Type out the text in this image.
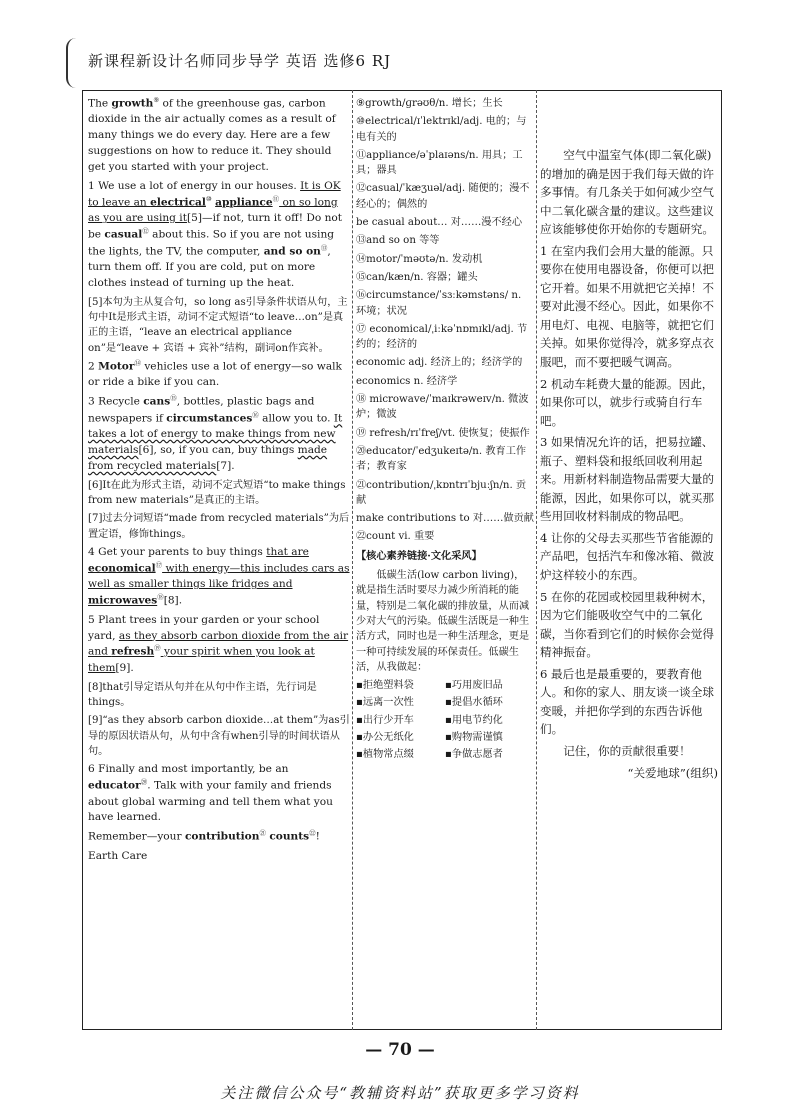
新课程新设计名师同步导学 英语 选修6 RJ

The growth⑨ of the greenhouse gas, carbon dioxide in the air actually comes as a result of many things we do every day. Here are a few suggestions on how to reduce it. They should get you started with your project.

1 We use a lot of energy in our houses. It is OK to leave an electrical⑩ appliance⑪ on so long as you are using it[5]—if not, turn it off! Do not be casual⑫ about this. So if you are not using the lights, the TV, the computer, and so on⑬, turn them off. If you are cold, put on more clothes instead of turning up the heat.

[5]本句为主从复合句，so long as引导条件状语从句，主句中It是形式主语，动词不定式短语“to leave…on”是真正的主语，“leave an electrical appliance on”是“leave + 宾语 + 宾补”结构，副词on作宾补。

2 Motor⑭ vehicles use a lot of energy—so walk or ride a bike if you can.

3 Recycle cans⑮, bottles, plastic bags and newspapers if circumstances⑯ allow you to. It takes a lot of energy to make things from new materials[6], so, if you can, buy things made from recycled materials[7].

[6]It在此为形式主语，动词不定式短语“to make things from new materials”是真正的主语。

[7]过去分词短语“made from recycled materials”为后置定语，修饰things。

4 Get your parents to buy things that are economical⑰ with energy—this includes cars as well as smaller things like fridges and microwaves⑱[8].

5 Plant trees in your garden or your school yard, as they absorb carbon dioxide from the air and refresh⑲ your spirit when you look at them[9].

[8]that引导定语从句并在从句中作主语，先行词是things。

[9]“as they absorb carbon dioxide…at them”为as引导的原因状语从句，从句中含有when引导的时间状语从句。

6 Finally and most importantly, be an educator⑳. Talk with your family and friends about global warming and tell them what you have learned.

Remember—your contribution$^㉑$ counts$^㉒$!

Earth Care

⑨growth/ɡrəʊθ/n. 增长；生长

⑩electrical/ɪˈlektrɪkl/adj. 电的；与电有关的

⑪appliance/əˈplaɪəns/n. 用具；工具；器具

⑫casual/ˈkæʒuəl/adj. 随便的；漫不经心的；偶然的

be casual about… 对……漫不经心

⑬and so on 等等

⑭motor/ˈməʊtə/n. 发动机

⑮can/kæn/n. 容器；罐头

⑯circumstance/ˈsɜːkəmstəns/ n. 环境；状况

⑰ economical/ˌiːkəˈnɒmɪkl/adj. 节约的；经济的

economic adj. 经济上的；经济学的

economics n. 经济学

⑱ microwave/ˈmaɪkrəweɪv/n. 微波炉；微波

⑲ refresh/rɪˈfreʃ/vt. 使恢复；使振作

⑳educator/ˈedʒukeɪtə/n. 教育工作者；教育家

㉑contribution/ˌkɒntrɪˈbjuːʃn/n. 贡献

make contributions to 对……做贡献

㉒count vi. 重要

【核心素养链接·文化采风】

低碳生活(low carbon living)，就是指生活时要尽力减少所消耗的能量，特别是二氧化碳的排放量，从而减少对大气的污染。低碳生活既是一种生活方式，同时也是一种生活理念，更是一种可持续发展的环保责任。低碳生活，从我做起：

▪拒绝塑料袋	▪巧用废旧品
▪远离一次性	▪提倡水循环
▪出行少开车	▪用电节约化
▪办公无纸化	▪购物需谨慎
▪植物常点缀	▪争做志愿者

空气中温室气体(即二氧化碳)的增加的确是因于我们每天做的许多事情。有几条关于如何减少空气中二氧化碳含量的建议。这些建议应该能够使你开始你的专题研究。

1 在室内我们会用大量的能源。只要你在使用电器设备，你便可以把它开着。如果不用就把它关掉！不要对此漫不经心。因此，如果你不用电灯、电视、电脑等，就把它们关掉。如果你觉得冷，就多穿点衣服吧，而不要把暖气调高。

2 机动车耗费大量的能源。因此，如果你可以，就步行或骑自行车吧。

3 如果情况允许的话，把易拉罐、瓶子、塑料袋和报纸回收利用起来。用新材料制造物品需要大量的能源，因此，如果你可以，就买那些用回收材料制成的物品吧。

4 让你的父母去买那些节省能源的产品吧，包括汽车和像冰箱、微波炉这样较小的东西。

5 在你的花园或校园里栽种树木，因为它们能吸收空气中的二氧化碳，当你看到它们的时候你会觉得精神振奋。

6 最后也是最重要的，要教育他人。和你的家人、朋友谈一谈全球变暖，并把你学到的东西告诉他们。

记住，你的贡献很重要！

“关爱地球”(组织)

— 70 —
关注微信公众号“教辅资料站”获取更多学习资料
